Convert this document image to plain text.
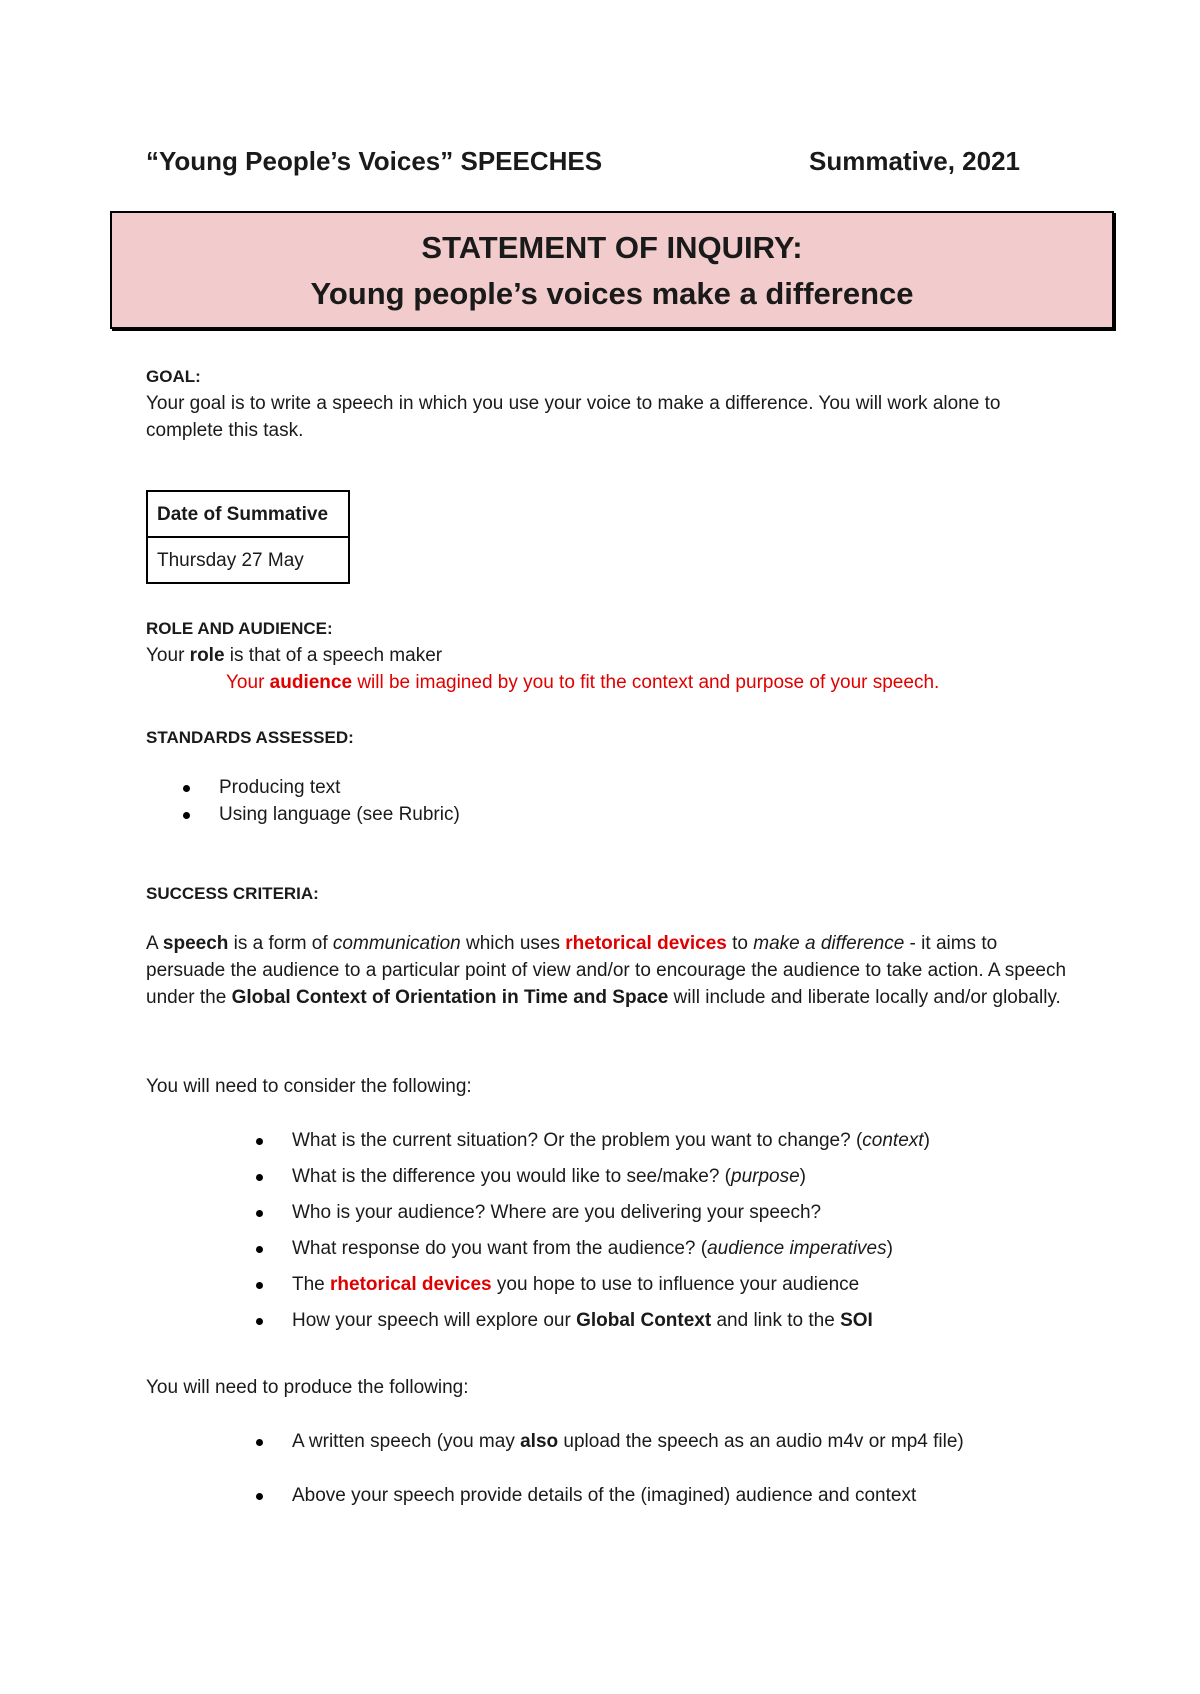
“Young People’s Voices” SPEECHES	Summative, 2021
STATEMENT OF INQUIRY:
Young people’s voices make a difference
GOAL:
Your goal is to write a speech in which you use your voice to make a difference. You will work alone to complete this task.
Date of Summative
Thursday 27 May
ROLE AND AUDIENCE:
Your role is that of a speech maker
Your audience will be imagined by you to fit the context and purpose of your speech.
STANDARDS ASSESSED:
Producing text
Using language (see Rubric)
SUCCESS CRITERIA:
A speech is a form of communication which uses rhetorical devices to make a difference - it aims to persuade the audience to a particular point of view and/or to encourage the audience to take action. A speech under the Global Context of Orientation in Time and Space will include and liberate locally and/or globally.
You will need to consider the following:
What is the current situation? Or the problem you want to change? (context)
What is the difference you would like to see/make? (purpose)
Who is your audience? Where are you delivering your speech?
What response do you want from the audience? (audience imperatives)
The rhetorical devices you hope to use to influence your audience
How your speech will explore our Global Context and link to the SOI
You will need to produce the following:
A written speech (you may also upload the speech as an audio m4v or mp4 file)
Above your speech provide details of the (imagined) audience and context
